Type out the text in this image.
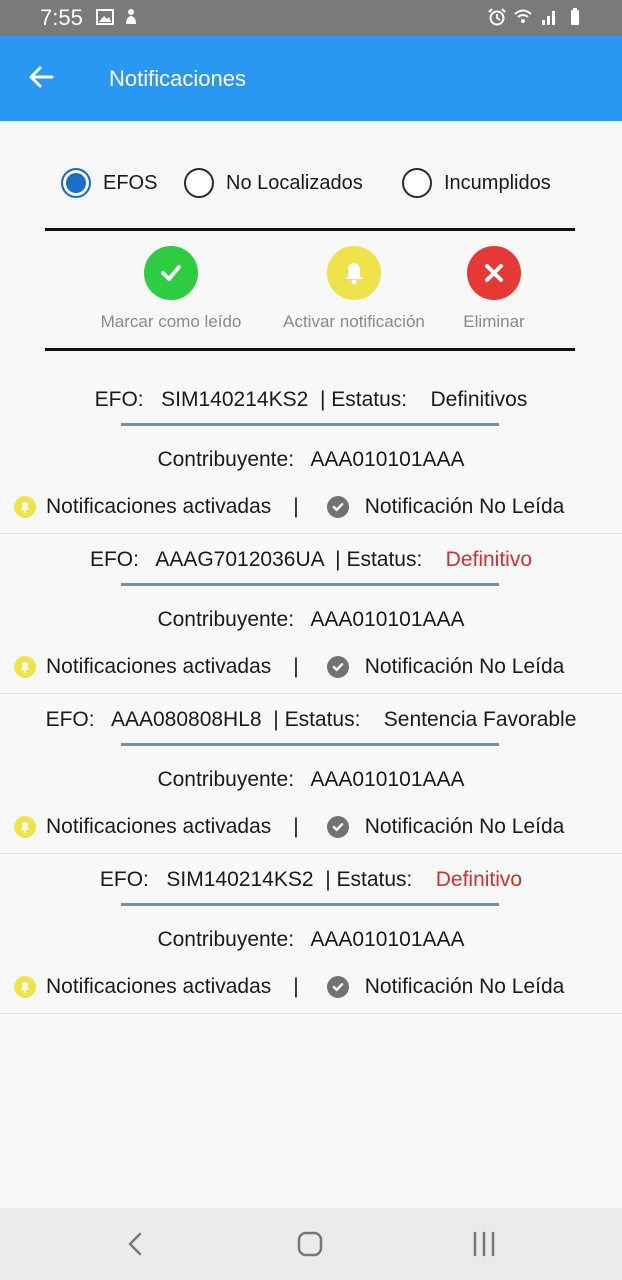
7:55
Notificaciones
EFOS	No Localizados	Incumplidos
Marcar como leído Activar notificación Eliminar
EFO: SIM140214KS2 | Estatus: Definitivos
Contribuyente: AAA010101AAA
Notificaciones activadas |	Notificación No Leída
EFO: AAAG7012036UA | Estatus: Definitivo
Contribuyente: AAA010101AAA
Notificaciones activadas |	Notificación No Leída
EFO: AAA080808HL8 | Estatus: Sentencia Favorable
Contribuyente: AAA010101AAA
Notificaciones activadas |	Notificación No Leída
EFO: SIM140214KS2 | Estatus: Definitivo
Contribuyente: AAA010101AAA
Notificaciones activadas |	Notificación No Leída
